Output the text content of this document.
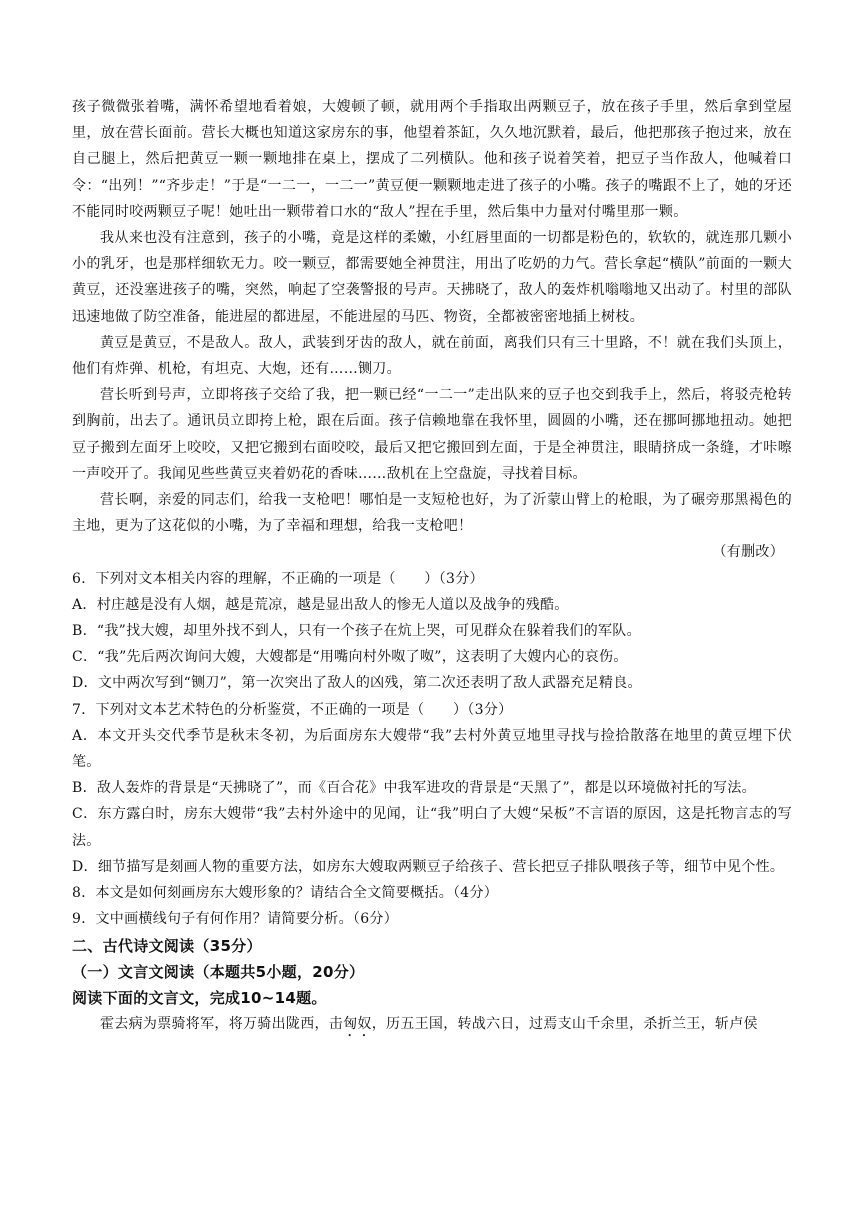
孩子微微张着嘴，满怀希望地看着娘，大嫂顿了顿，就用两个手指取出两颗豆子，放在孩子手里，然后拿到堂屋里，放在营长面前。营长大概也知道这家房东的事，他望着茶缸，久久地沉默着，最后，他把那孩子抱过来，放在自己腿上，然后把黄豆一颗一颗地排在桌上，摆成了二列横队。他和孩子说着笑着，把豆子当作敌人，他喊着口令：“出列！”“齐步走！”于是“一二一，一二一”黄豆便一颗颗地走进了孩子的小嘴。孩子的嘴跟不上了，她的牙还不能同时咬两颗豆子呢！她吐出一颗带着口水的“敌人”捏在手里，然后集中力量对付嘴里那一颗。

我从来也没有注意到，孩子的小嘴，竟是这样的柔嫩，小红唇里面的一切都是粉色的，软软的，就连那几颗小小的乳牙，也是那样细软无力。咬一颗豆，都需要她全神贯注，用出了吃奶的力气。营长拿起“横队”前面的一颗大黄豆，还没塞进孩子的嘴，突然，响起了空袭警报的号声。天拂晓了，敌人的轰炸机嗡嗡地又出动了。村里的部队迅速地做了防空准备，能进屋的都进屋，不能进屋的马匹、物资，全都被密密地插上树枝。

黄豆是黄豆，不是敌人。敌人，武装到牙齿的敌人，就在前面，离我们只有三十里路，不！就在我们头顶上，他们有炸弹、机枪，有坦克、大炮，还有……铡刀。

营长听到号声，立即将孩子交给了我，把一颗已经“一二一”走出队来的豆子也交到我手上，然后，将驳壳枪转到胸前，出去了。通讯员立即挎上枪，跟在后面。孩子信赖地靠在我怀里，圆圆的小嘴，还在挪呵挪地扭动。她把豆子搬到左面牙上咬咬，又把它搬到右面咬咬，最后又把它搬回到左面，于是全神贯注，眼睛挤成一条缝，才咔嚓一声咬开了。我闻见些些黄豆夹着奶花的香味……敌机在上空盘旋，寻找着目标。

营长啊，亲爱的同志们，给我一支枪吧！哪怕是一支短枪也好，为了沂蒙山臂上的枪眼，为了碾旁那黑褐色的主地，更为了这花似的小嘴，为了幸福和理想，给我一支枪吧！

（有删改）

6．下列对文本相关内容的理解，不正确的一项是（　　）（3分）

A．村庄越是没有人烟，越是荒凉，越是显出敌人的惨无人道以及战争的残酷。

B．“我”找大嫂，却里外找不到人，只有一个孩子在炕上哭，可见群众在躲着我们的军队。

C．“我”先后两次询问大嫂，大嫂都是“用嘴向村外呶了呶”，这表明了大嫂内心的哀伤。

D．文中两次写到“铡刀”，第一次突出了敌人的凶残，第二次还表明了敌人武器充足精良。

7．下列对文本艺术特色的分析鉴赏，不正确的一项是（　　）（3分）

A．本文开头交代季节是秋末冬初，为后面房东大嫂带“我”去村外黄豆地里寻找与捡拾散落在地里的黄豆埋下伏笔。

B．敌人轰炸的背景是“天拂晓了”，而《百合花》中我军进攻的背景是“天黑了”，都是以环境做衬托的写法。

C．东方露白时，房东大嫂带“我”去村外途中的见闻，让“我”明白了大嫂“呆板”不言语的原因，这是托物言志的写法。

D．细节描写是刻画人物的重要方法，如房东大嫂取两颗豆子给孩子、营长把豆子排队喂孩子等，细节中见个性。

8．本文是如何刻画房东大嫂形象的？请结合全文简要概括。（4分）

9．文中画横线句子有何作用？请简要分析。（6分）

二、古代诗文阅读（35分）

（一）文言文阅读（本题共5小题，20分）

阅读下面的文言文，完成10~14题。

霍去病为票骑将军，将万骑出陇西，击匈奴，历五王国，转战六日，过焉支山千余里，杀折兰王，斩卢侯
